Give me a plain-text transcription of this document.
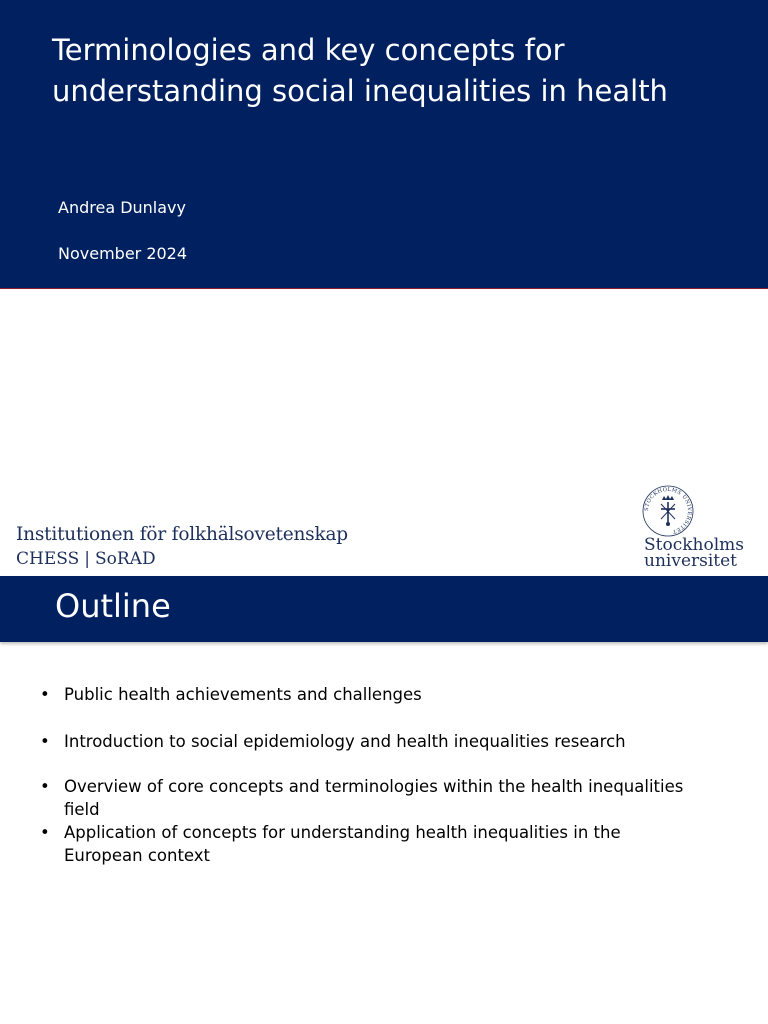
Terminologies and key concepts for understanding social inequalities in health
Andrea Dunlavy
November 2024
Institutionen för folkhälsovetenskap
CHESS | SoRAD
STOCKHOLMS UNIVERSITET
Stockholms
universitet
Outline
• Public health achievements and challenges
• Introduction to social epidemiology and health inequalities research
• Overview of core concepts and terminologies within the health inequalities field
• Application of concepts for understanding health inequalities in the European context
